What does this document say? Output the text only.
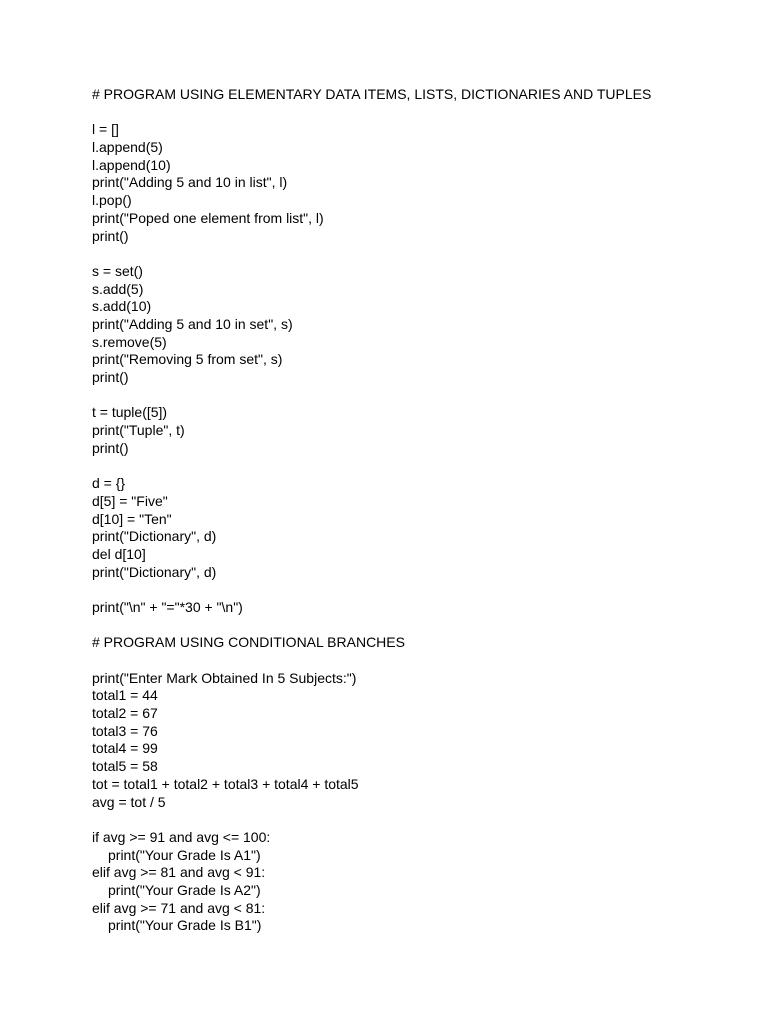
# PROGRAM USING ELEMENTARY DATA ITEMS, LISTS, DICTIONARIES AND TUPLES
l = []
l.append(5)
l.append(10)
print("Adding 5 and 10 in list", l)
l.pop()
print("Poped one element from list", l)
print()
s = set()
s.add(5)
s.add(10)
print("Adding 5 and 10 in set", s)
s.remove(5)
print("Removing 5 from set", s)
print()
t = tuple([5])
print("Tuple", t)
print()
d = {}
d[5] = "Five"
d[10] = "Ten"
print("Dictionary", d)
del d[10]
print("Dictionary", d)
print("\n" + "="*30 + "\n")
# PROGRAM USING CONDITIONAL BRANCHES
print("Enter Mark Obtained In 5 Subjects:")
total1 = 44
total2 = 67
total3 = 76
total4 = 99
total5 = 58
tot = total1 + total2 + total3 + total4 + total5
avg = tot / 5
if avg >= 91 and avg <= 100:
print("Your Grade Is A1")
elif avg >= 81 and avg < 91:
print("Your Grade Is A2")
elif avg >= 71 and avg < 81:
print("Your Grade Is B1")
